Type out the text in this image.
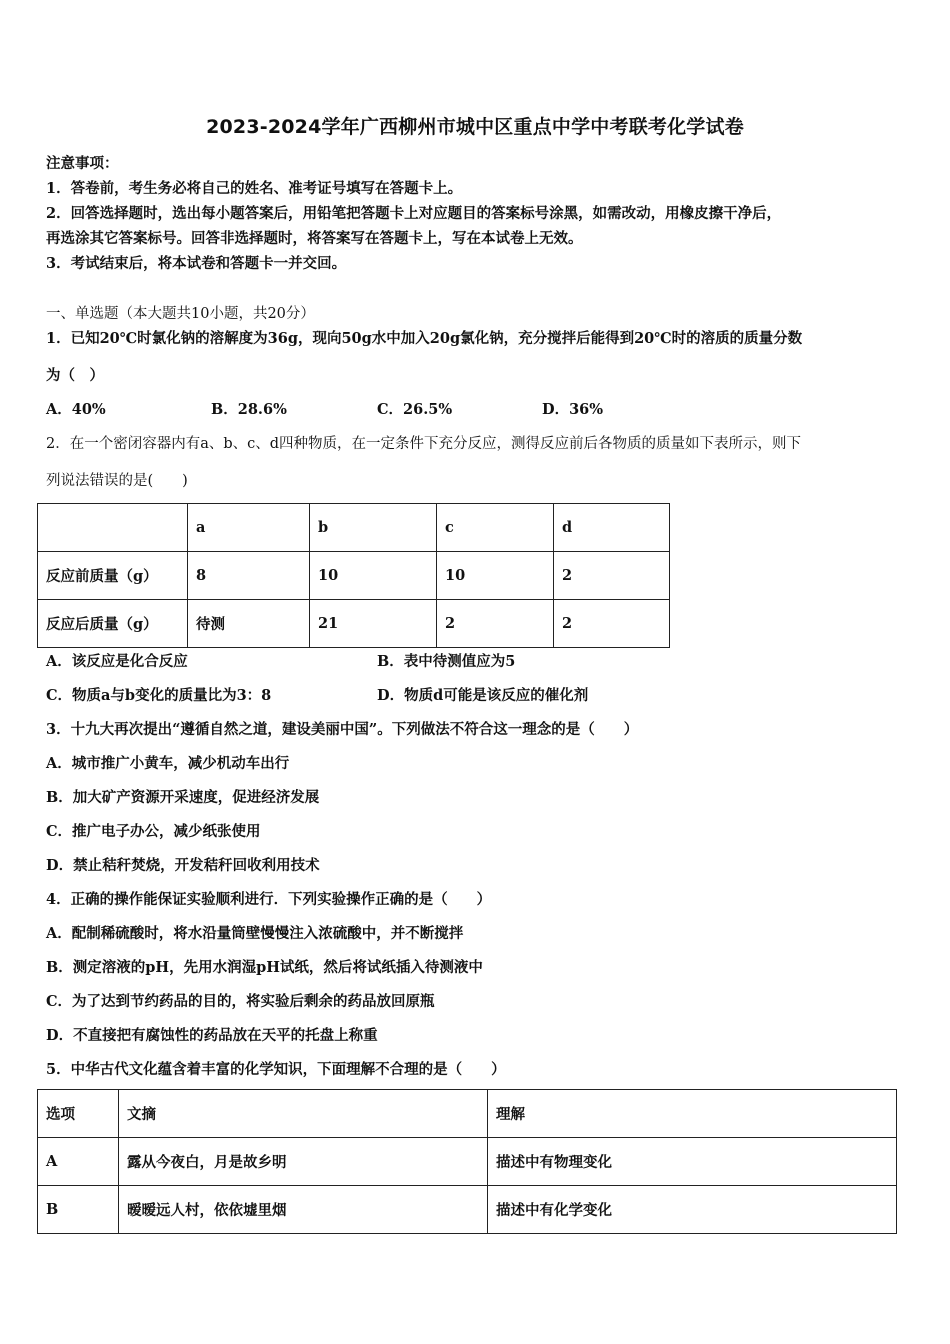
2023-2024学年广西柳州市城中区重点中学中考联考化学试卷
注意事项：
1．答卷前，考生务必将自己的姓名、准考证号填写在答题卡上。
2．回答选择题时，选出每小题答案后，用铅笔把答题卡上对应题目的答案标号涂黑，如需改动，用橡皮擦干净后，
再选涂其它答案标号。回答非选择题时，将答案写在答题卡上，写在本试卷上无效。
3．考试结束后，将本试卷和答题卡一并交回。
一、单选题（本大题共10小题，共20分）
1．已知20℃时氯化钠的溶解度为36g，现向50g水中加入20g氯化钠，充分搅拌后能得到20℃时的溶质的质量分数
为（　）
A．40%	B．28.6%	C．26.5%	D．36%
2．在一个密闭容器内有a、b、c、d四种物质，在一定条件下充分反应，测得反应前后各物质的质量如下表所示，则下
列说法错误的是(　　)
	a	b	c	d
反应前质量（g）	8	10	10	2
反应后质量（g）	待测	21	2	2
A．该反应是化合反应	B．表中待测值应为5
C．物质a与b变化的质量比为3：8	D．物质d可能是该反应的催化剂
3．十九大再次提出“遵循自然之道，建设美丽中国”。下列做法不符合这一理念的是（　　）
A．城市推广小黄车，减少机动车出行
B．加大矿产资源开采速度，促进经济发展
C．推广电子办公，减少纸张使用
D．禁止秸秆焚烧，开发秸秆回收利用技术
4．正确的操作能保证实验顺利进行．下列实验操作正确的是（　　）
A．配制稀硫酸时，将水沿量筒壁慢慢注入浓硫酸中，并不断搅拌
B．测定溶液的pH，先用水润湿pH试纸，然后将试纸插入待测液中
C．为了达到节约药品的目的，将实验后剩余的药品放回原瓶
D．不直接把有腐蚀性的药品放在天平的托盘上称重
5．中华古代文化蕴含着丰富的化学知识，下面理解不合理的是（　　）
选项	文摘	理解
A	露从今夜白，月是故乡明	描述中有物理变化
B	暧暧远人村，依依墟里烟	描述中有化学变化
